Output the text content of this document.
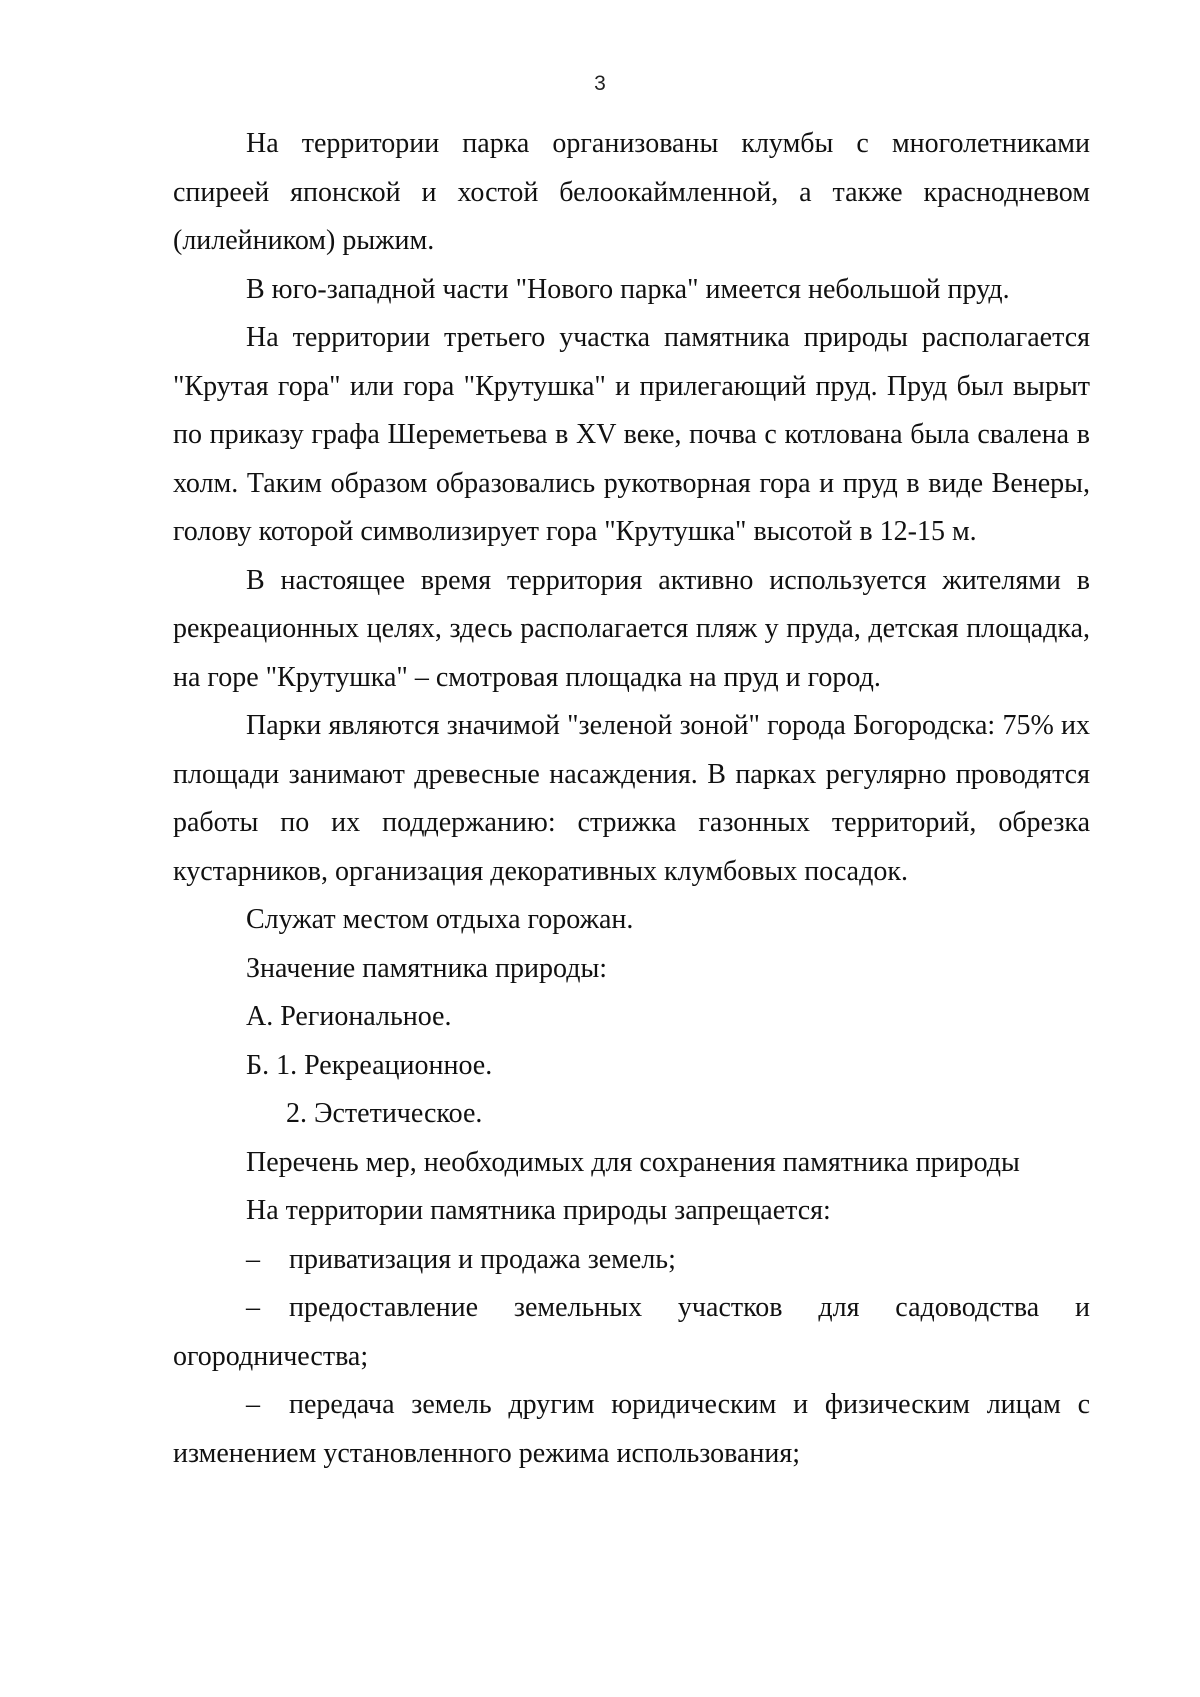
3

На территории парка организованы клумбы с многолетниками спиреей японской и хостой белоокаймленной, а также краснодневом (лилейником) рыжим.

В юго-западной части "Нового парка" имеется небольшой пруд.

На территории третьего участка памятника природы располагается "Крутая гора" или гора "Крутушка" и прилегающий пруд. Пруд был вырыт по приказу графа Шереметьева в XV веке, почва с котлована была свалена в холм. Таким образом образовались рукотворная гора и пруд в виде Венеры, голову которой символизирует гора "Крутушка" высотой в 12-15 м.

В настоящее время территория активно используется жителями в рекреационных целях, здесь располагается пляж у пруда, детская площадка, на горе "Крутушка" – смотровая площадка на пруд и город.

Парки являются значимой "зеленой зоной" города Богородска: 75% их площади занимают древесные насаждения. В парках регулярно проводятся работы по их поддержанию: стрижка газонных территорий, обрезка кустарников, организация декоративных клумбовых посадок.

Служат местом отдыха горожан.

Значение памятника природы:

А. Региональное.

Б. 1. Рекреационное.

2. Эстетическое.

Перечень мер, необходимых для сохранения памятника природы

На территории памятника природы запрещается:

– приватизация и продажа земель;

– предоставление земельных участков для садоводства и огородничества;

– передача земель другим юридическим и физическим лицам с изменением установленного режима использования;
